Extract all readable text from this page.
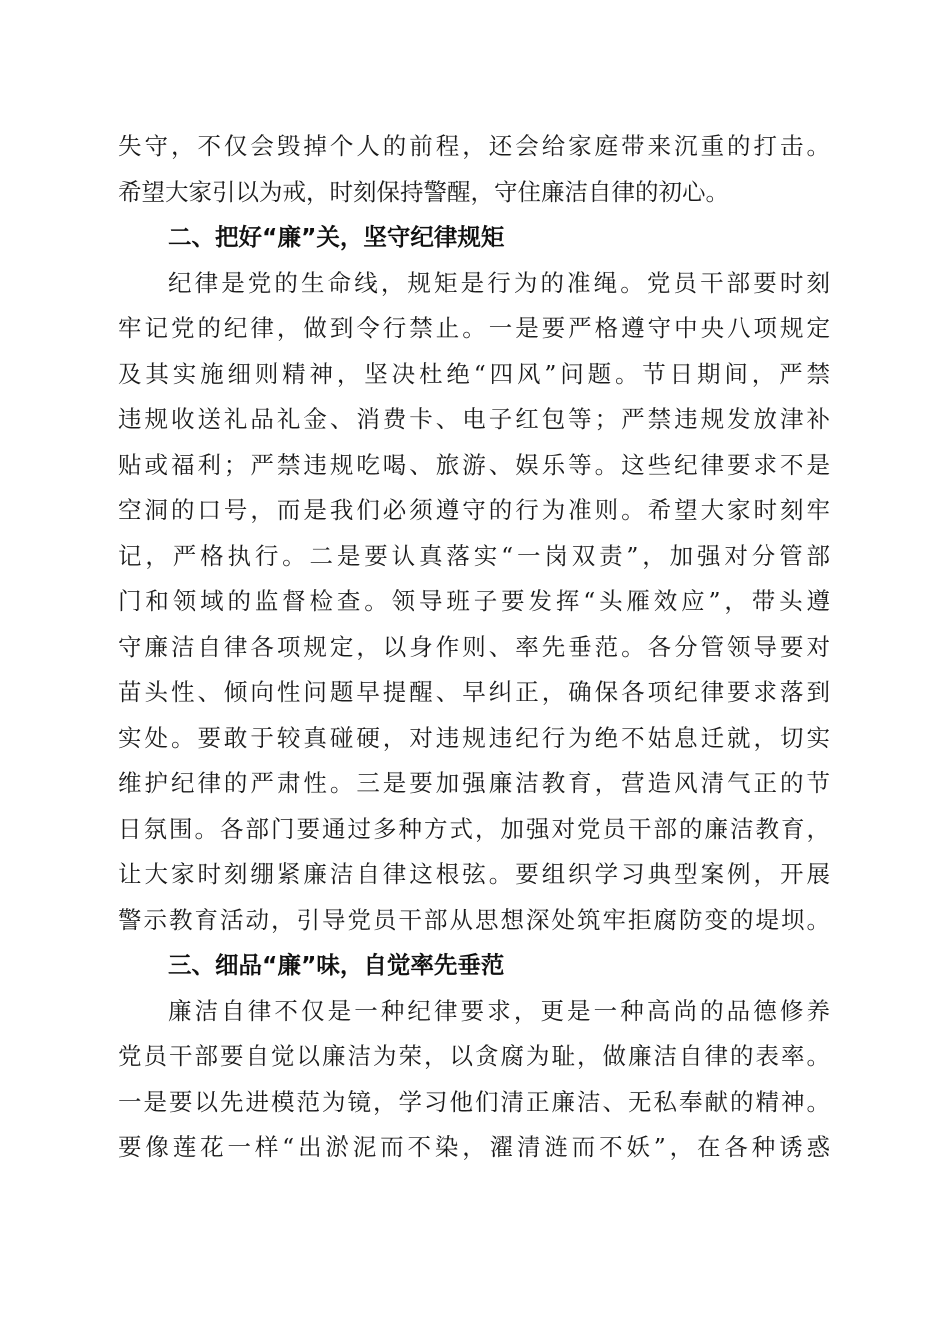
失守，不仅会毁掉个人的前程，还会给家庭带来沉重的打击。
希望大家引以为戒，时刻保持警醒，守住廉洁自律的初心。
二、把好“廉”关，坚守纪律规矩
纪律是党的生命线，规矩是行为的准绳。党员干部要时刻
牢记党的纪律，做到令行禁止。一是要严格遵守中央八项规定
及其实施细则精神，坚决杜绝“四风”问题。节日期间，严禁
违规收送礼品礼金、消费卡、电子红包等；严禁违规发放津补
贴或福利；严禁违规吃喝、旅游、娱乐等。这些纪律要求不是
空洞的口号，而是我们必须遵守的行为准则。希望大家时刻牢
记，严格执行。二是要认真落实“一岗双责”，加强对分管部
门和领域的监督检查。领导班子要发挥“头雁效应”，带头遵
守廉洁自律各项规定，以身作则、率先垂范。各分管领导要对
苗头性、倾向性问题早提醒、早纠正，确保各项纪律要求落到
实处。要敢于较真碰硬，对违规违纪行为绝不姑息迁就，切实
维护纪律的严肃性。三是要加强廉洁教育，营造风清气正的节
日氛围。各部门要通过多种方式，加强对党员干部的廉洁教育，
让大家时刻绷紧廉洁自律这根弦。要组织学习典型案例，开展
警示教育活动，引导党员干部从思想深处筑牢拒腐防变的堤坝。
三、细品“廉”味，自觉率先垂范
廉洁自律不仅是一种纪律要求，更是一种高尚的品德修养
党员干部要自觉以廉洁为荣，以贪腐为耻，做廉洁自律的表率。
一是要以先进模范为镜，学习他们清正廉洁、无私奉献的精神。
要像莲花一样“出淤泥而不染，濯清涟而不妖”，在各种诱惑
